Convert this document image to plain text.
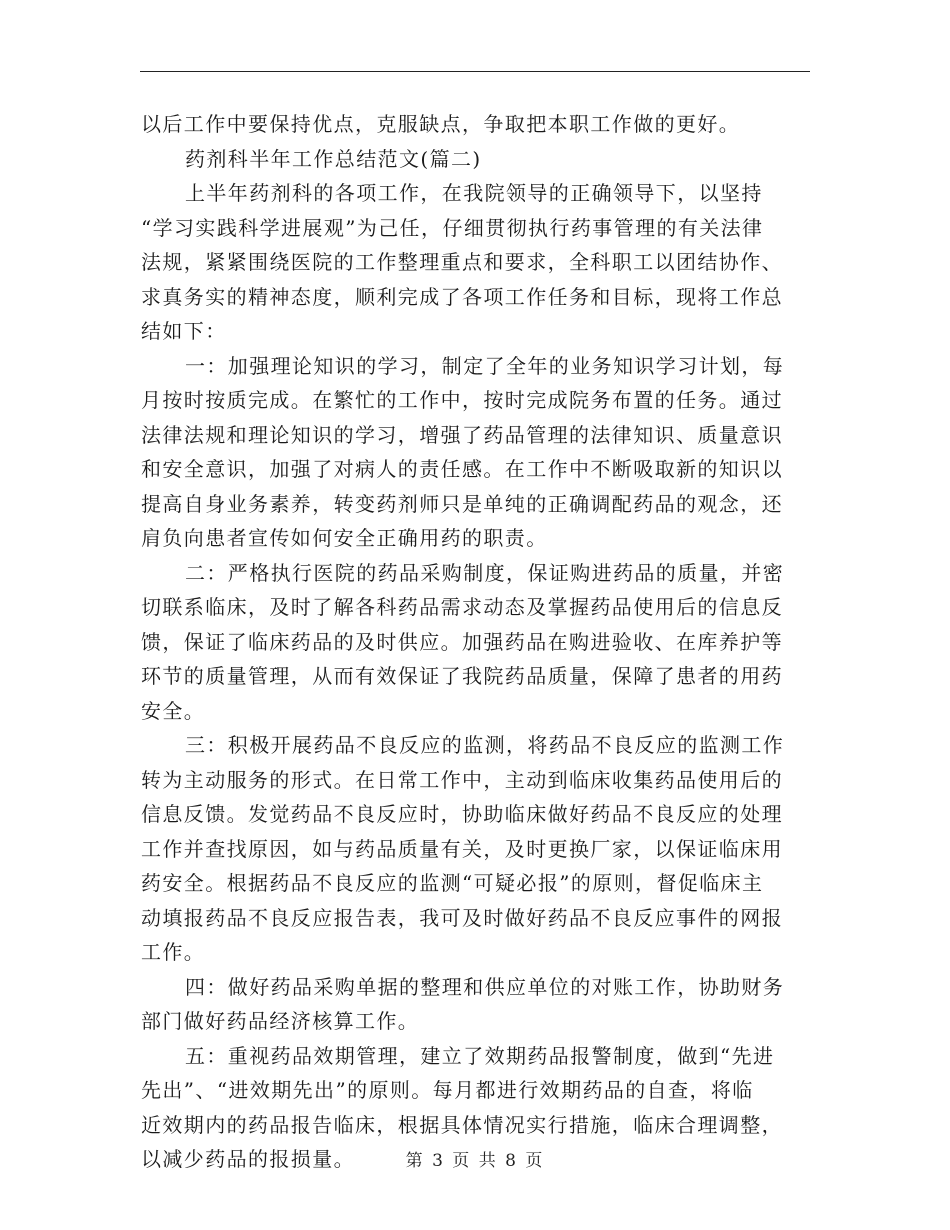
以后工作中要保持优点，克服缺点，争取把本职工作做的更好。
药剂科半年工作总结范文(篇二)
上半年药剂科的各项工作，在我院领导的正确领导下，以坚持
“学习实践科学进展观”为己任，仔细贯彻执行药事管理的有关法律
法规，紧紧围绕医院的工作整理重点和要求，全科职工以团结协作、
求真务实的精神态度，顺利完成了各项工作任务和目标，现将工作总
结如下：
一：加强理论知识的学习，制定了全年的业务知识学习计划，每
月按时按质完成。在繁忙的工作中，按时完成院务布置的任务。通过
法律法规和理论知识的学习，增强了药品管理的法律知识、质量意识
和安全意识，加强了对病人的责任感。在工作中不断吸取新的知识以
提高自身业务素养，转变药剂师只是单纯的正确调配药品的观念，还
肩负向患者宣传如何安全正确用药的职责。
二：严格执行医院的药品采购制度，保证购进药品的质量，并密
切联系临床，及时了解各科药品需求动态及掌握药品使用后的信息反
馈，保证了临床药品的及时供应。加强药品在购进验收、在库养护等
环节的质量管理，从而有效保证了我院药品质量，保障了患者的用药
安全。
三：积极开展药品不良反应的监测，将药品不良反应的监测工作
转为主动服务的形式。在日常工作中，主动到临床收集药品使用后的
信息反馈。发觉药品不良反应时，协助临床做好药品不良反应的处理
工作并查找原因，如与药品质量有关，及时更换厂家，以保证临床用
药安全。根据药品不良反应的监测“可疑必报”的原则，督促临床主
动填报药品不良反应报告表，我可及时做好药品不良反应事件的网报
工作。
四：做好药品采购单据的整理和供应单位的对账工作，协助财务
部门做好药品经济核算工作。
五：重视药品效期管理，建立了效期药品报警制度，做到“先进
先出”、“进效期先出”的原则。每月都进行效期药品的自查，将临
近效期内的药品报告临床，根据具体情况实行措施，临床合理调整，
以减少药品的报损量。	第 3 页 共 8 页
